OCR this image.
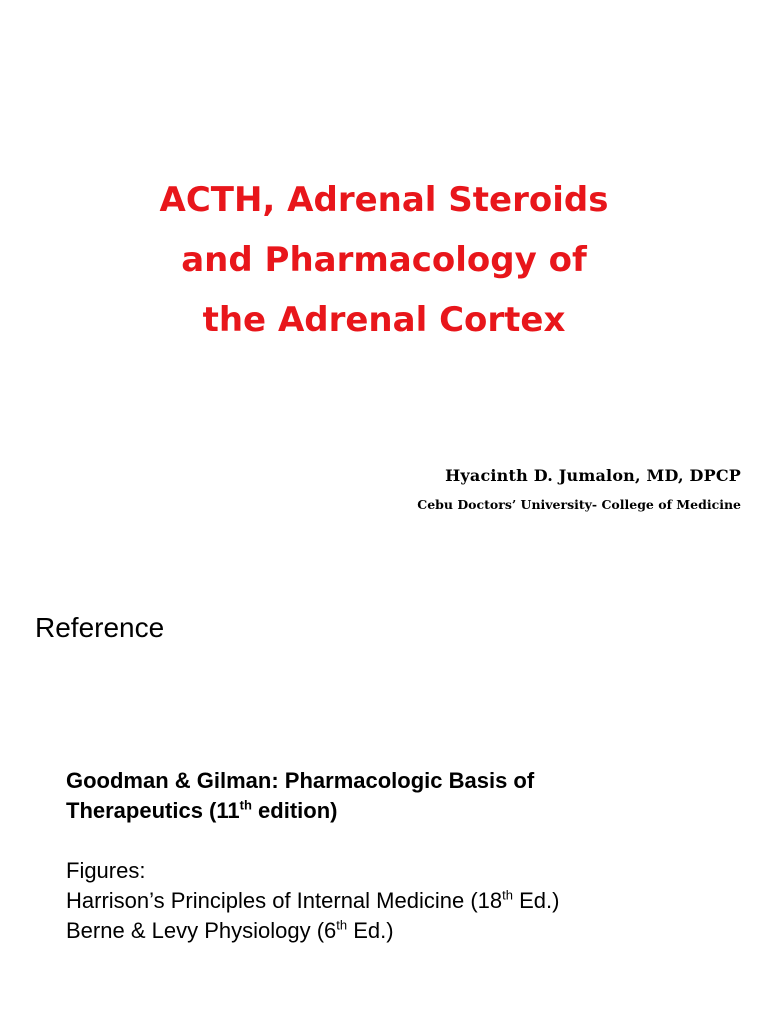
ACTH, Adrenal Steroids
and Pharmacology of
the Adrenal Cortex

Hyacinth D. Jumalon, MD, DPCP

Cebu Doctors’ University- College of Medicine

Reference

Goodman & Gilman: Pharmacologic Basis of
Therapeutics (11th edition)

Figures:
Harrison’s Principles of Internal Medicine (18th Ed.)
Berne & Levy Physiology (6th Ed.)
